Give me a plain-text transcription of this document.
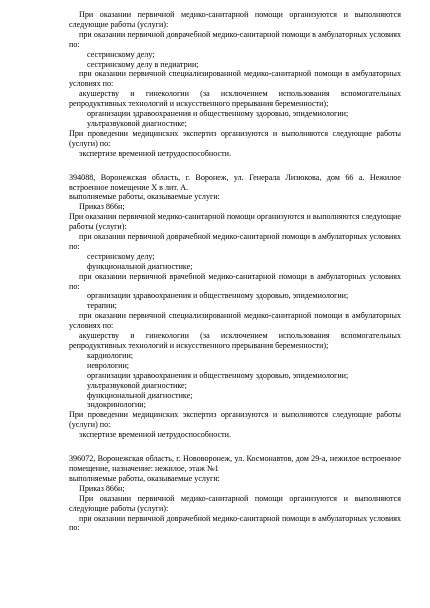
При оказании первичной медико-санитарной помощи организуются и выполняются следующие работы (услуги):

при оказании первичной доврачебной медико-санитарной помощи в амбулаторных условиях по:

сестринскому делу;

сестринскому делу в педиатрии;

при оказании первичной специализированной медико-санитарной помощи в амбулаторных условиях по:

акушерству и гинекологии (за исключением использования вспомогательных репродуктивных технологий и искусственного прерывания беременности);

организации здравоохранения и общественному здоровью, эпидемиологии;

ультразвуковой диагностике;

При проведении медицинских экспертиз организуются и выполняются следующие работы (услуги) по:

экспертизе временной нетрудоспособности.

394088, Воронежская область, г. Воронеж, ул. Генерала Лизюкова, дом 66 а. Нежилое встроенное помещение X в лит. А.

выполняемые работы, оказываемые услуги:

Приказ 866н;

При оказании первичной медико-санитарной помощи организуются и выполняются следующие работы (услуги):

при оказании первичной доврачебной медико-санитарной помощи в амбулаторных условиях по:

сестринскому делу;

функциональной диагностике;

при оказании первичной врачебной медико-санитарной помощи в амбулаторных условиях по:

организации здравоохранения и общественному здоровью, эпидемиологии;

терапии;

при оказании первичной специализированной медико-санитарной помощи в амбулаторных условиях по:

акушерству и гинекологии (за исключением использования вспомогательных репродуктивных технологий и искусственного прерывания беременности);

кардиологии;

неврологии;

организации здравоохранения и общественному здоровью, эпидемиологии;

ультразвуковой диагностике;

функциональной диагностике;

эндокринологии;

При проведении медицинских экспертиз организуются и выполняются следующие работы (услуги) по:

экспертизе временной нетрудоспособности.

396072, Воронежская область, г. Нововоронеж, ул. Космонавтов, дом 29-а, нежилое встроенное помещение, назначение: нежилое, этаж №1

выполняемые работы, оказываемые услуги:

Приказ 866н;

При оказании первичной медико-санитарной помощи организуются и выполняются следующие работы (услуги):

при оказании первичной доврачебной медико-санитарной помощи в амбулаторных условиях по:
